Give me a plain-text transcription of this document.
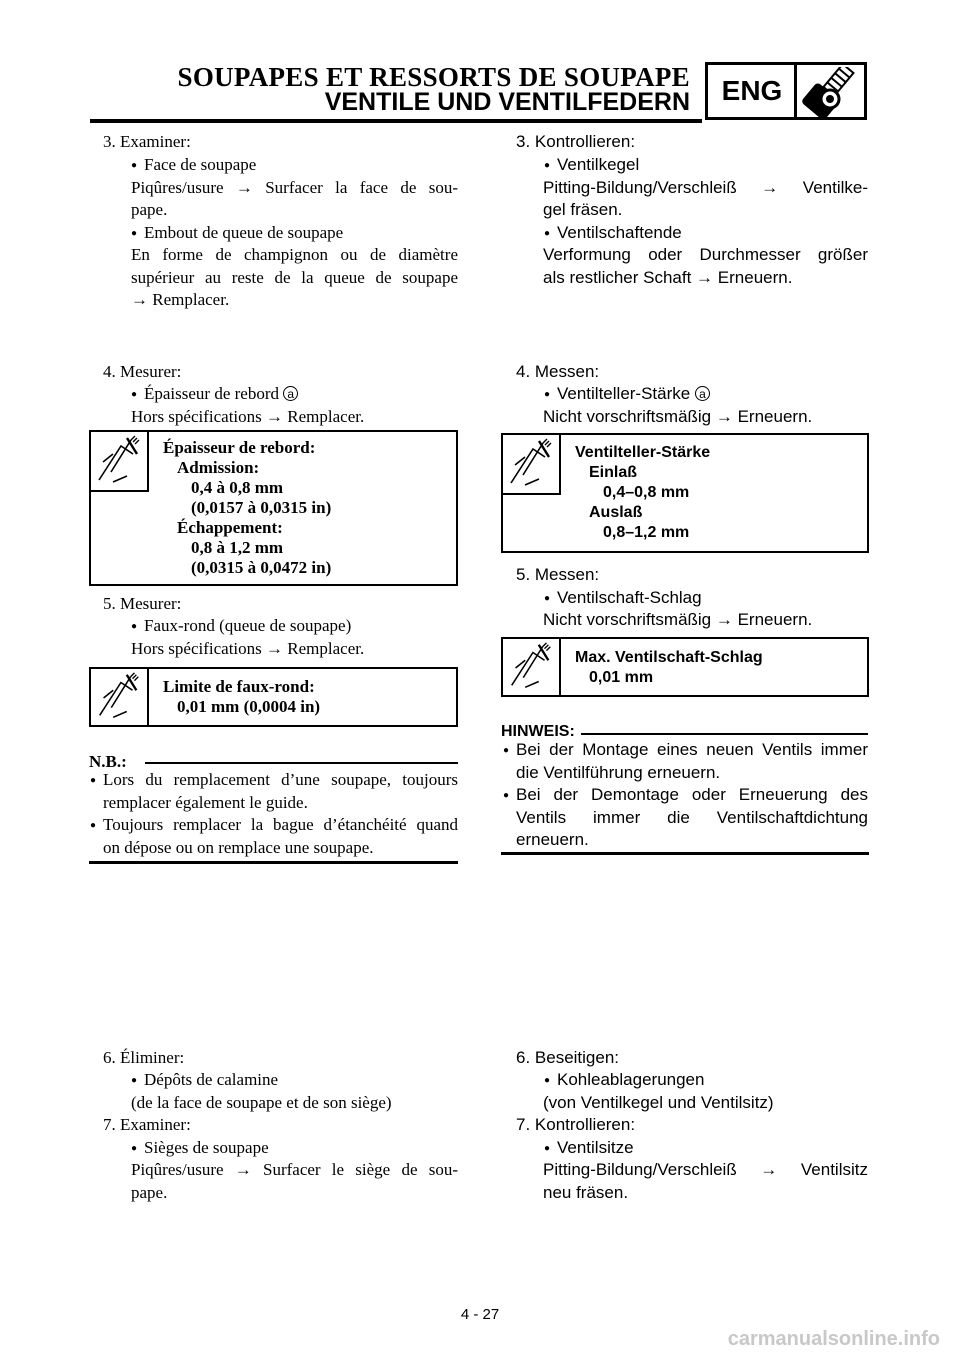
SOUPAPES ET RESSORTS DE SOUPAPE
VENTILE UND VENTILFEDERN	ENG
3. Examiner:
● Face de soupape
Piqûres/usure → Surfacer la face de sou-
pape.
● Embout de queue de soupape
En forme de champignon ou de diamètre
supérieur au reste de la queue de soupape
→ Remplacer.
4. Mesurer:
● Épaisseur de rebord a
Hors spécifications → Remplacer.
Épaisseur de rebord:
Admission:
0,4 à 0,8 mm
(0,0157 à 0,0315 in)
Échappement:
0,8 à 1,2 mm
(0,0315 à 0,0472 in)
5. Mesurer:
● Faux-rond (queue de soupape)
Hors spécifications → Remplacer.
Limite de faux-rond:
0,01 mm (0,0004 in)
N.B.:
● Lors du remplacement d’une soupape, toujours
remplacer également le guide.
● Toujours remplacer la bague d’étanchéité quand
on dépose ou on remplace une soupape.
6. Éliminer:
● Dépôts de calamine
(de la face de soupape et de son siège)
7. Examiner:
● Sièges de soupape
Piqûres/usure → Surfacer le siège de sou-
pape.
3. Kontrollieren:
● Ventilkegel
Pitting-Bildung/Verschleiß → Ventilke-
gel fräsen.
● Ventilschaftende
Verformung oder Durchmesser größer
als restlicher Schaft → Erneuern.
4. Messen:
● Ventilteller-Stärke a
Nicht vorschriftsmäßig → Erneuern.
Ventilteller-Stärke
Einlaß
0,4–0,8 mm
Auslaß
0,8–1,2 mm
5. Messen:
● Ventilschaft-Schlag
Nicht vorschriftsmäßig → Erneuern.
Max. Ventilschaft-Schlag
0,01 mm
HINWEIS:
● Bei der Montage eines neuen Ventils immer
die Ventilführung erneuern.
● Bei der Demontage oder Erneuerung des
Ventils immer die Ventilschaftdichtung
erneuern.
6. Beseitigen:
● Kohleablagerungen
(von Ventilkegel und Ventilsitz)
7. Kontrollieren:
● Ventilsitze
Pitting-Bildung/Verschleiß → Ventilsitz
neu fräsen.
4 - 27
carmanualsonline.info
